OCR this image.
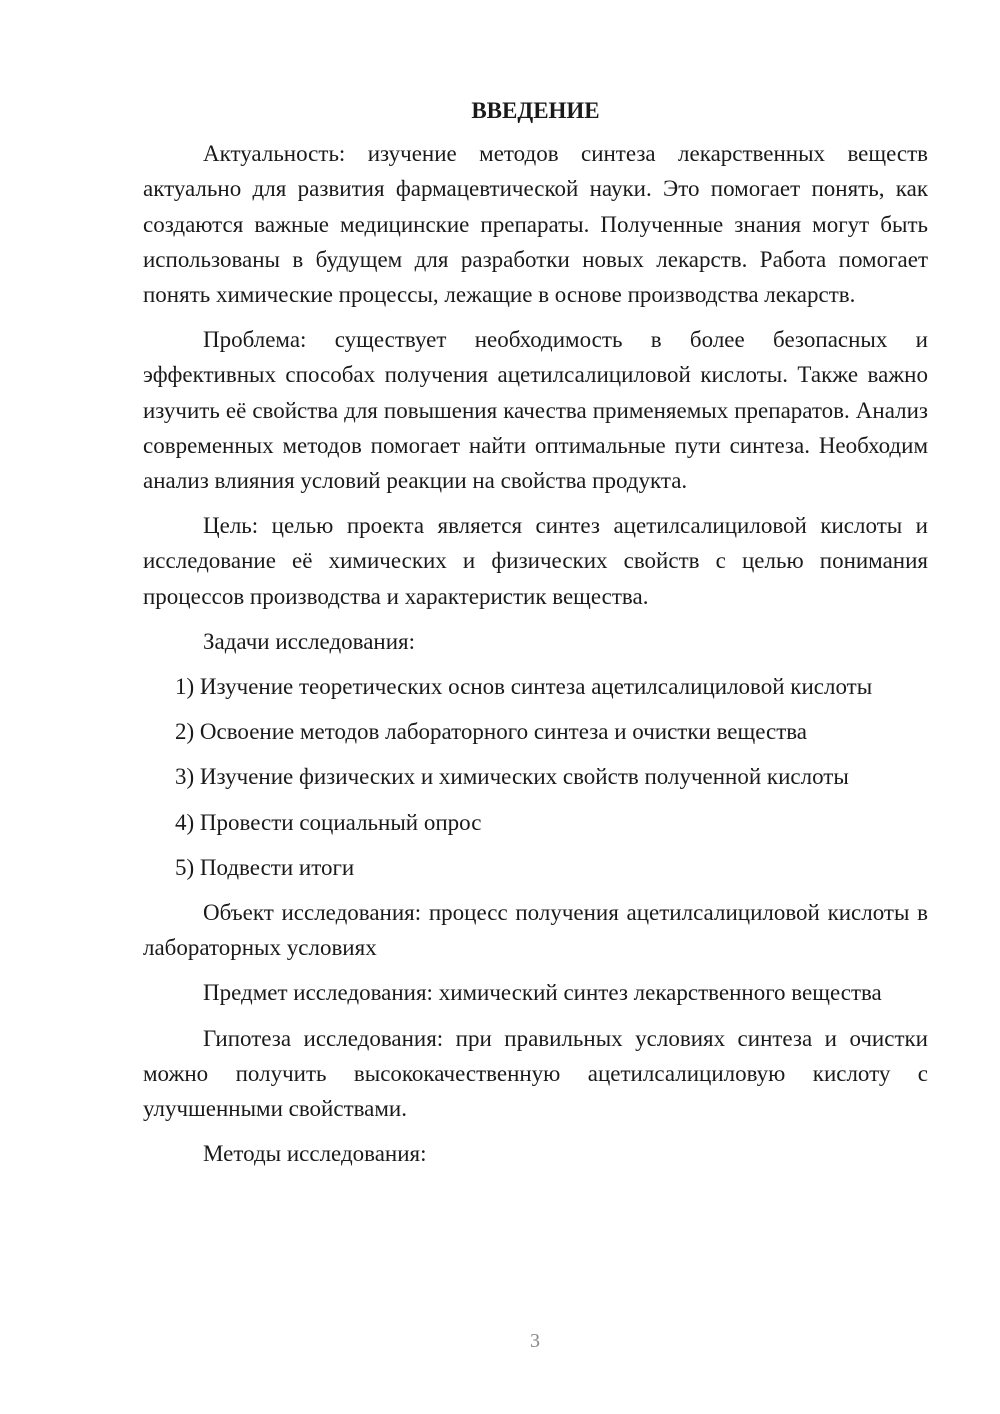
ВВЕДЕНИЕ

Актуальность: изучение методов синтеза лекарственных веществ актуально для развития фармацевтической науки. Это помогает понять, как создаются важные медицинские препараты. Полученные знания могут быть использованы в будущем для разработки новых лекарств. Работа помогает понять химические процессы, лежащие в основе производства лекарств.

Проблема: существует необходимость в более безопасных и эффективных способах получения ацетилсалициловой кислоты. Также важно изучить её свойства для повышения качества применяемых препаратов. Анализ современных методов помогает найти оптимальные пути синтеза. Необходим анализ влияния условий реакции на свойства продукта.

Цель: целью проекта является синтез ацетилсалициловой кислоты и исследование её химических и физических свойств с целью понимания процессов производства и характеристик вещества.

Задачи исследования:

1) Изучение теоретических основ синтеза ацетилсалициловой кислоты

2) Освоение методов лабораторного синтеза и очистки вещества

3) Изучение физических и химических свойств полученной кислоты

4) Провести социальный опрос

5) Подвести итоги

Объект исследования: процесс получения ацетилсалициловой кислоты в лабораторных условиях

Предмет исследования: химический синтез лекарственного вещества

Гипотеза исследования: при правильных условиях синтеза и очистки можно получить высококачественную ацетилсалициловую кислоту с улучшенными свойствами.

Методы исследования:

3
